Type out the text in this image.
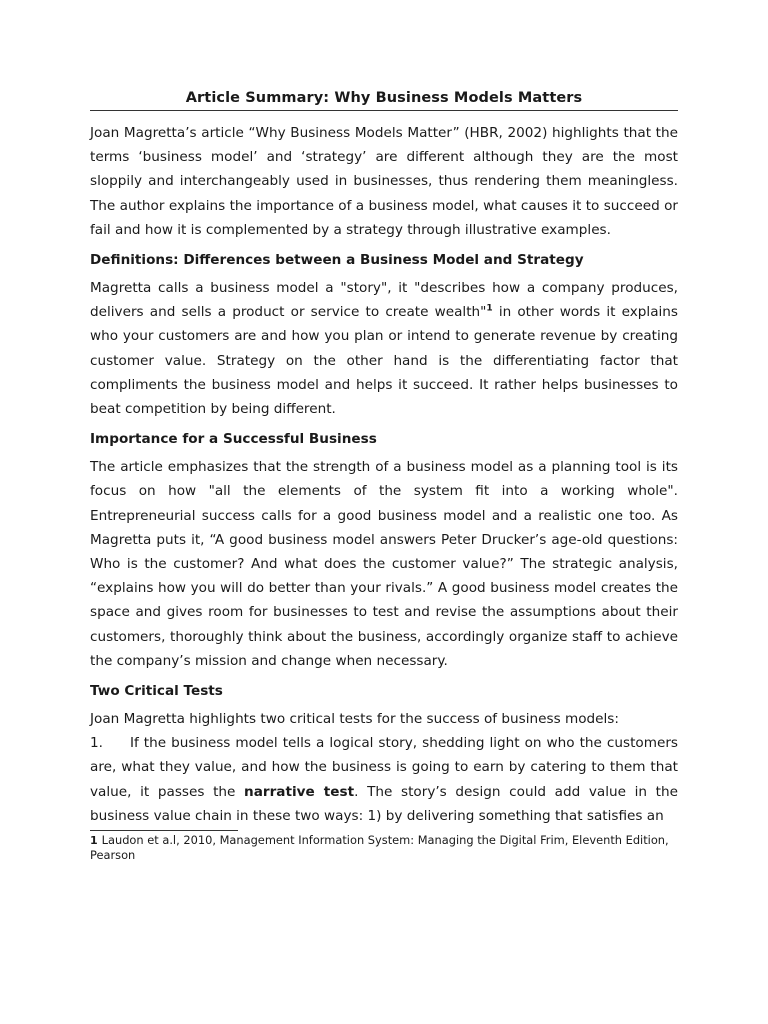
Article Summary: Why Business Models Matters

Joan Magretta’s article “Why Business Models Matter” (HBR, 2002) highlights that the terms ‘business model’ and ‘strategy’ are different although they are the most sloppily and interchangeably used in businesses, thus rendering them meaningless. The author explains the importance of a business model, what causes it to succeed or fail and how it is complemented by a strategy through illustrative examples.

Definitions: Differences between a Business Model and Strategy

Magretta calls a business model a "story", it "describes how a company produces, delivers and sells a product or service to create wealth"$^1$ in other words it explains who your customers are and how you plan or intend to generate revenue by creating customer value. Strategy on the other hand is the differentiating factor that compliments the business model and helps it succeed. It rather helps businesses to beat competition by being different.

Importance for a Successful Business

The article emphasizes that the strength of a business model as a planning tool is its focus on how "all the elements of the system fit into a working whole". Entrepreneurial success calls for a good business model and a realistic one too. As Magretta puts it, “A good business model answers Peter Drucker’s age-old questions: Who is the customer? And what does the customer value?” The strategic analysis, “explains how you will do better than your rivals.” A good business model creates the space and gives room for businesses to test and revise the assumptions about their customers, thoroughly think about the business, accordingly organize staff to achieve the company’s mission and change when necessary.

Two Critical Tests

Joan Magretta highlights two critical tests for the success of business models:

1. If the business model tells a logical story, shedding light on who the customers are, what they value, and how the business is going to earn by catering to them that value, it passes the narrative test. The story’s design could add value in the business value chain in these two ways: 1) by delivering something that satisfies an

1 Laudon et a.l, 2010, Management Information System: Managing the Digital Frim, Eleventh Edition, Pearson
